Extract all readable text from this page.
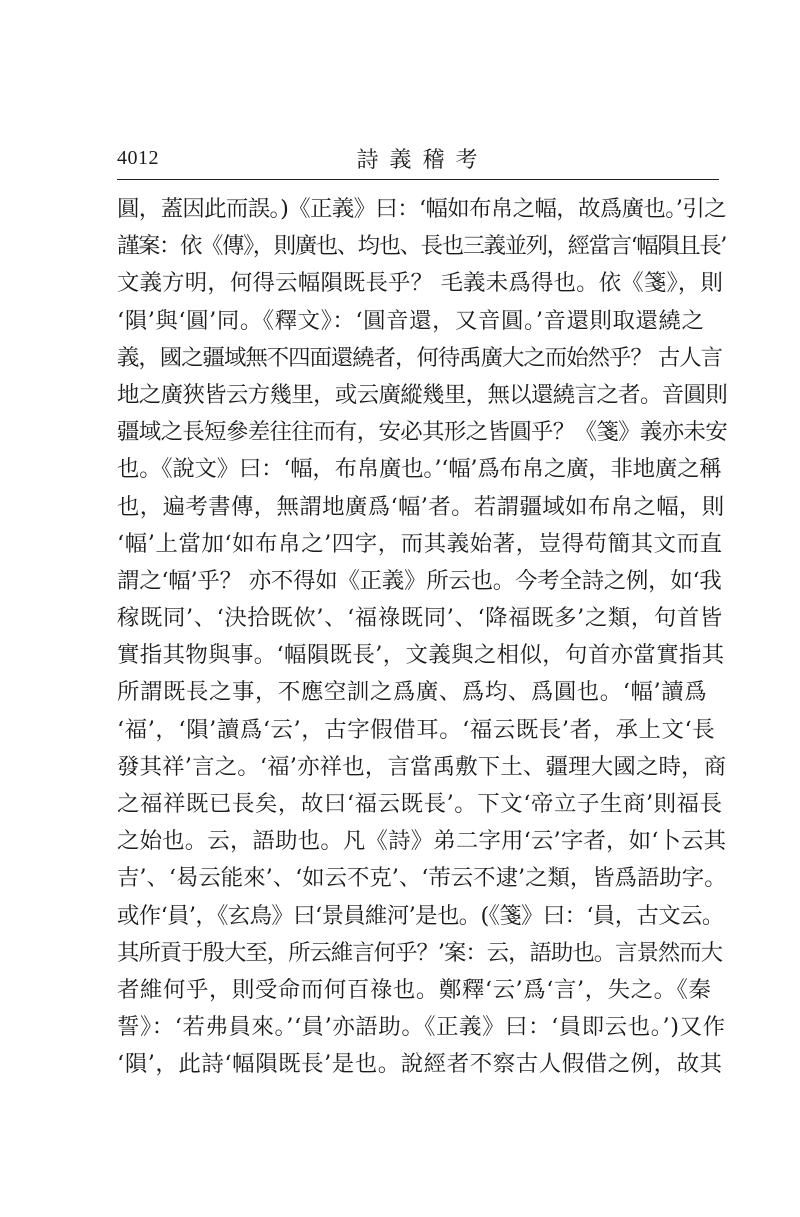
4012	詩義稽考
圓，蓋因此而誤。)《正義》曰：‘幅如布帛之幅，故爲廣也。’引之
謹案：依《傳》，則廣也、均也、長也三義並列，經當言‘幅隕且長’
文義方明，何得云幅隕既長乎？ 毛義未爲得也。依《箋》，則
‘隕’與‘圓’同。《釋文》：‘圓音還，又音圓。’音還則取還繞之
義，國之疆域無不四面還繞者，何待禹廣大之而始然乎？ 古人言
地之廣狹皆云方幾里，或云廣縱幾里，無以還繞言之者。音圓則
疆域之長短參差往往而有，安必其形之皆圓乎？《箋》義亦未安
也。《說文》曰：‘幅，布帛廣也。’‘幅’爲布帛之廣，非地廣之稱
也，遍考書傳，無謂地廣爲‘幅’者。若謂疆域如布帛之幅，則
‘幅’上當加‘如布帛之’四字，而其義始著，豈得苟簡其文而直
謂之‘幅’乎？ 亦不得如《正義》所云也。今考全詩之例，如‘我
稼既同’、‘決拾既佽’、‘福祿既同’、‘降福既多’之類，句首皆
實指其物與事。‘幅隕既長’，文義與之相似，句首亦當實指其
所謂既長之事，不應空訓之爲廣、爲均、爲圓也。‘幅’讀爲
‘福’，‘隕’讀爲‘云’，古字假借耳。‘福云既長’者，承上文‘長
發其祥’言之。‘福’亦祥也，言當禹敷下土、疆理大國之時，商
之福祥既已長矣，故曰‘福云既長’。下文‘帝立子生商’則福長
之始也。云，語助也。凡《詩》弟二字用‘云’字者，如‘卜云其
吉’、‘曷云能來’、‘如云不克’、‘芾云不逮’之類，皆爲語助字。
或作‘員’，《玄鳥》曰‘景員維河’是也。(《箋》曰：‘員，古文云。
其所貢于殷大至，所云維言何乎？’案：云，語助也。言景然而大
者維何乎，則受命而何百祿也。鄭釋‘云’爲‘言’，失之。《秦
誓》：‘若弗員來。’‘員’亦語助。《正義》曰：‘員即云也。’)又作
‘隕’，此詩‘幅隕既長’是也。說經者不察古人假借之例，故其
